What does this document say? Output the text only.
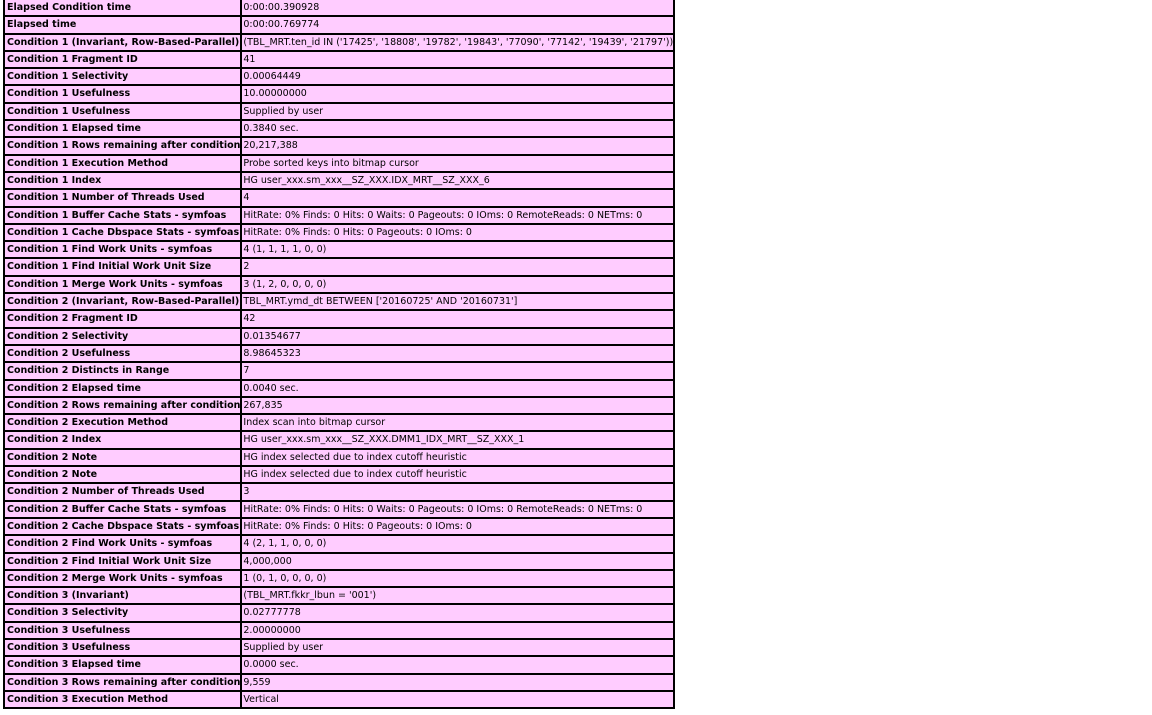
Elapsed Condition time	0:00:00.390928
Elapsed time	0:00:00.769774
Condition 1 (Invariant, Row-Based-Parallel)	(TBL_MRT.ten_id IN ('17425', '18808', '19782', '19843', '77090', '77142', '19439', '21797'))
Condition 1 Fragment ID	41
Condition 1 Selectivity	0.00064449
Condition 1 Usefulness	10.00000000
Condition 1 Usefulness	Supplied by user
Condition 1 Elapsed time	0.3840 sec.
Condition 1 Rows remaining after condition	20,217,388
Condition 1 Execution Method	Probe sorted keys into bitmap cursor
Condition 1 Index	HG user_xxx.sm_xxx__SZ_XXX.IDX_MRT__SZ_XXX_6
Condition 1 Number of Threads Used	4
Condition 1 Buffer Cache Stats - symfoas	HitRate: 0% Finds: 0 Hits: 0 Waits: 0 Pageouts: 0 IOms: 0 RemoteReads: 0 NETms: 0
Condition 1 Cache Dbspace Stats - symfoas	HitRate: 0% Finds: 0 Hits: 0 Pageouts: 0 IOms: 0
Condition 1 Find Work Units - symfoas	4 (1, 1, 1, 1, 0, 0)
Condition 1 Find Initial Work Unit Size	2
Condition 1 Merge Work Units - symfoas	3 (1, 2, 0, 0, 0, 0)
Condition 2 (Invariant, Row-Based-Parallel)	TBL_MRT.ymd_dt BETWEEN ['20160725' AND '20160731']
Condition 2 Fragment ID	42
Condition 2 Selectivity	0.01354677
Condition 2 Usefulness	8.98645323
Condition 2 Distincts in Range	7
Condition 2 Elapsed time	0.0040 sec.
Condition 2 Rows remaining after condition	267,835
Condition 2 Execution Method	Index scan into bitmap cursor
Condition 2 Index	HG user_xxx.sm_xxx__SZ_XXX.DMM1_IDX_MRT__SZ_XXX_1
Condition 2 Note	HG index selected due to index cutoff heuristic
Condition 2 Note	HG index selected due to index cutoff heuristic
Condition 2 Number of Threads Used	3
Condition 2 Buffer Cache Stats - symfoas	HitRate: 0% Finds: 0 Hits: 0 Waits: 0 Pageouts: 0 IOms: 0 RemoteReads: 0 NETms: 0
Condition 2 Cache Dbspace Stats - symfoas	HitRate: 0% Finds: 0 Hits: 0 Pageouts: 0 IOms: 0
Condition 2 Find Work Units - symfoas	4 (2, 1, 1, 0, 0, 0)
Condition 2 Find Initial Work Unit Size	4,000,000
Condition 2 Merge Work Units - symfoas	1 (0, 1, 0, 0, 0, 0)
Condition 3 (Invariant)	(TBL_MRT.fkkr_lbun = '001')
Condition 3 Selectivity	0.02777778
Condition 3 Usefulness	2.00000000
Condition 3 Usefulness	Supplied by user
Condition 3 Elapsed time	0.0000 sec.
Condition 3 Rows remaining after condition	9,559
Condition 3 Execution Method	Vertical
